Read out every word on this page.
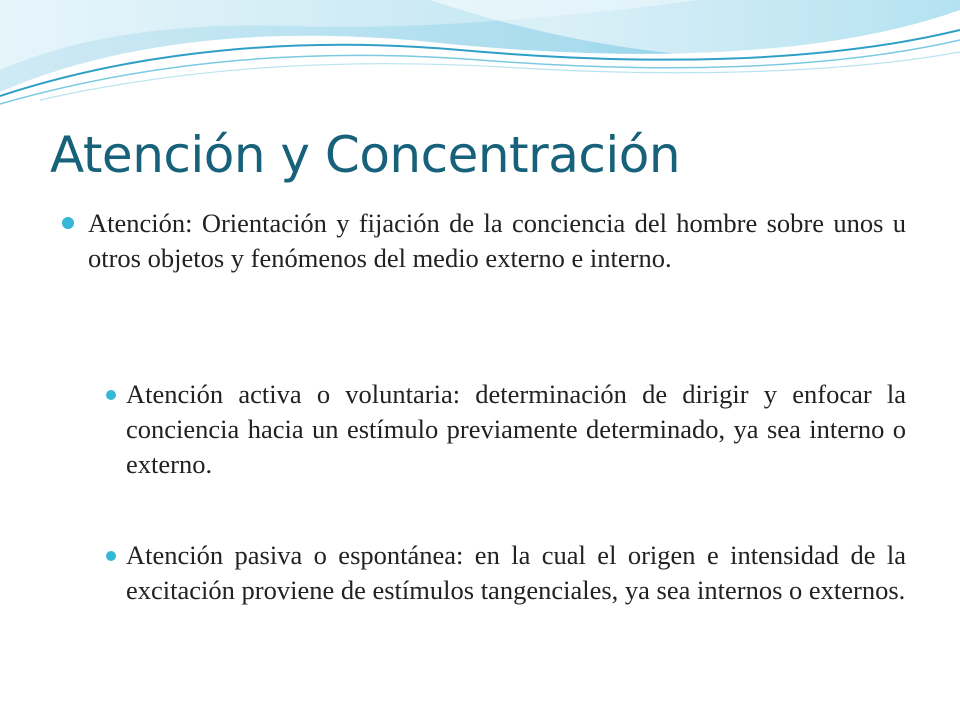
Atención y Concentración

Atención: Orientación y fijación de la conciencia del hombre sobre unos u otros objetos y fenómenos del medio externo e interno.

Atención activa o voluntaria: determinación de dirigir y enfocar la conciencia hacia un estímulo previamente determinado, ya sea interno o externo.

Atención pasiva o espontánea: en la cual el origen e intensidad de la excitación proviene de estímulos tangenciales, ya sea internos o externos.
